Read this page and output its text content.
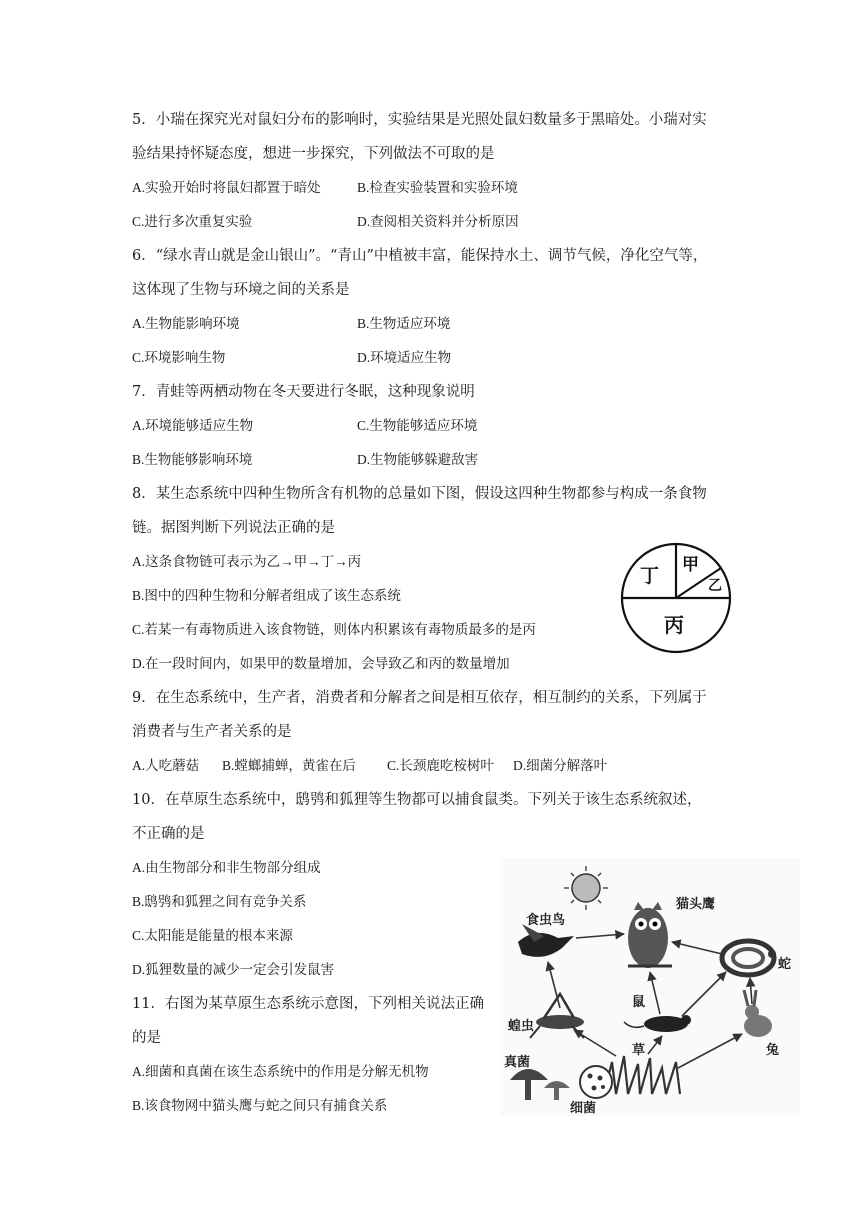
5．小瑞在探究光对鼠妇分布的影响时，实验结果是光照处鼠妇数量多于黑暗处。小瑞对实
验结果持怀疑态度，想进一步探究，下列做法不可取的是
A.实验开始时将鼠妇都置于暗处	B.检查实验装置和实验环境
C.进行多次重复实验	D.查阅相关资料并分析原因
6．“绿水青山就是金山银山”。“青山”中植被丰富，能保持水土、调节气候，净化空气等，
这体现了生物与环境之间的关系是
A.生物能影响环境	B.生物适应环境
C.环境影响生物	D.环境适应生物
7．青蛙等两栖动物在冬天要进行冬眠，这种现象说明
A.环境能够适应生物	C.生物能够适应环境
B.生物能够影响环境	D.生物能够躲避敌害
8．某生态系统中四种生物所含有机物的总量如下图，假设这四种生物都参与构成一条食物
链。据图判断下列说法正确的是
A.这条食物链可表示为乙→甲→丁→丙
B.图中的四种生物和分解者组成了该生态系统
C.若某一有毒物质进入该食物链，则体内积累该有毒物质最多的是丙
D.在一段时间内，如果甲的数量增加，会导致乙和丙的数量增加
丁 甲
乙
丙
9．在生态系统中，生产者，消费者和分解者之间是相互依存，相互制约的关系，下列属于
消费者与生产者关系的是
A.人吃蘑菇 B.螳螂捕蝉，黄雀在后 C.长颈鹿吃桉树叶 D.细菌分解落叶
10．在草原生态系统中，鸱鸮和狐狸等生物都可以捕食鼠类。下列关于该生态系统叙述，
不正确的是
A.由生物部分和非生物部分组成
B.鸱鸮和狐狸之间有竞争关系
C.太阳能是能量的根本来源
D.狐狸数量的减少一定会引发鼠害
11．右图为某草原生态系统示意图，下列相关说法正确
的是
A.细菌和真菌在该生态系统中的作用是分解无机物
B.该食物网中猫头鹰与蛇之间只有捕食关系
食虫鸟
猫头鹰
蛇
蝗虫
鼠
兔
草
真菌
细菌
